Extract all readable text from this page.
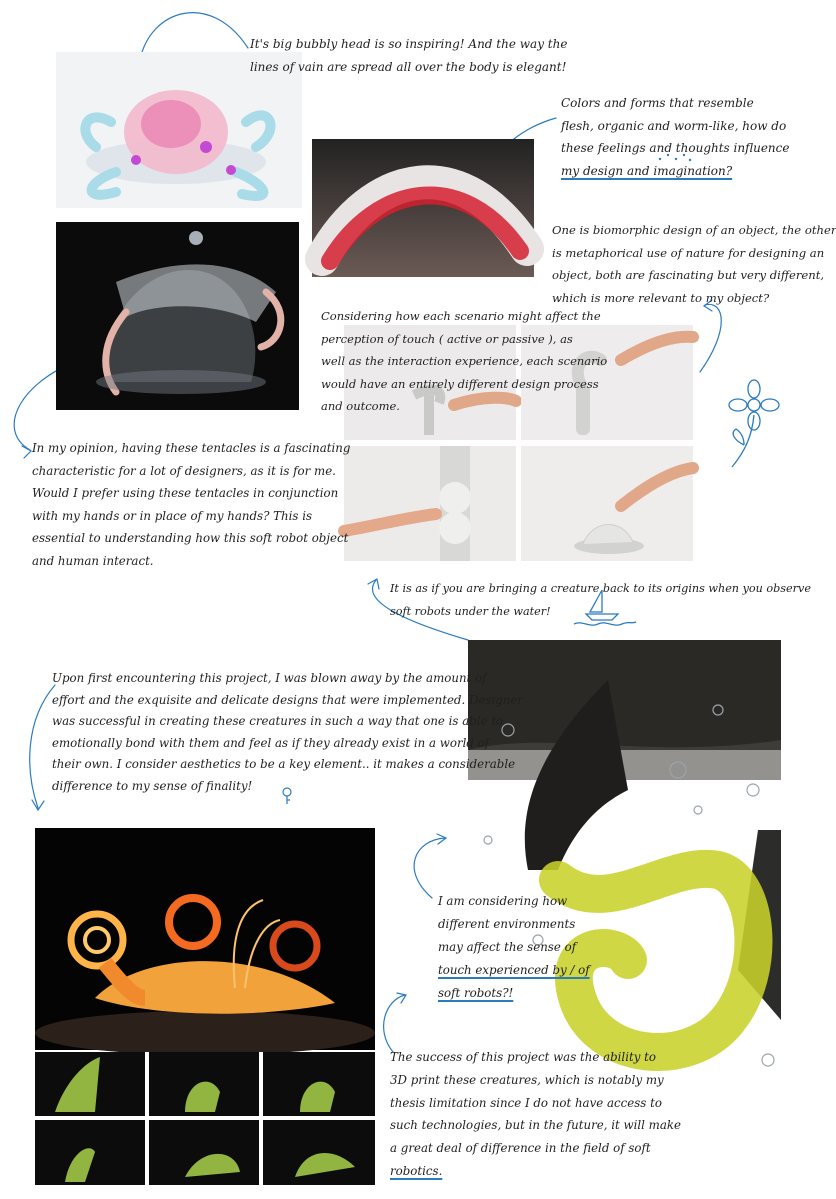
It's big bubbly head is so inspiring! And the way the
lines of vain are spread all over the body is elegant!

Colors and forms that resemble
flesh, organic and worm-like, how do
these feelings and thoughts influence
my design and imagination?

One is biomorphic design of an object, the other
is metaphorical use of nature for designing an
object, both are fascinating but very different,
which is more relevant to my object?

Considering how each scenario might affect the
perception of touch ( active or passive ), as
well as the interaction experience, each scenario
would have an entirely different design process
and outcome.

In my opinion, having these tentacles is a fascinating
characteristic for a lot of designers, as it is for me.
Would I prefer using these tentacles in conjunction
with my hands or in place of my hands? This is
essential to understanding how this soft robot object
and human interact.

It is as if you are bringing a creature back to its origins when you observe
soft robots under the water!

Upon first encountering this project, I was blown away by the amount of
effort and the exquisite and delicate designs that were implemented. Designer
was successful in creating these creatures in such a way that one is able to
emotionally bond with them and feel as if they already exist in a world of
their own. I consider aesthetics to be a key element.. it makes a considerable
difference to my sense of finality!

I am considering how
different environments
may affect the sense of
touch experienced by / of
soft robots?!

The success of this project was the ability to
3D print these creatures, which is notably my
thesis limitation since I do not have access to
such technologies, but in the future, it will make
a great deal of difference in the field of soft
robotics.
